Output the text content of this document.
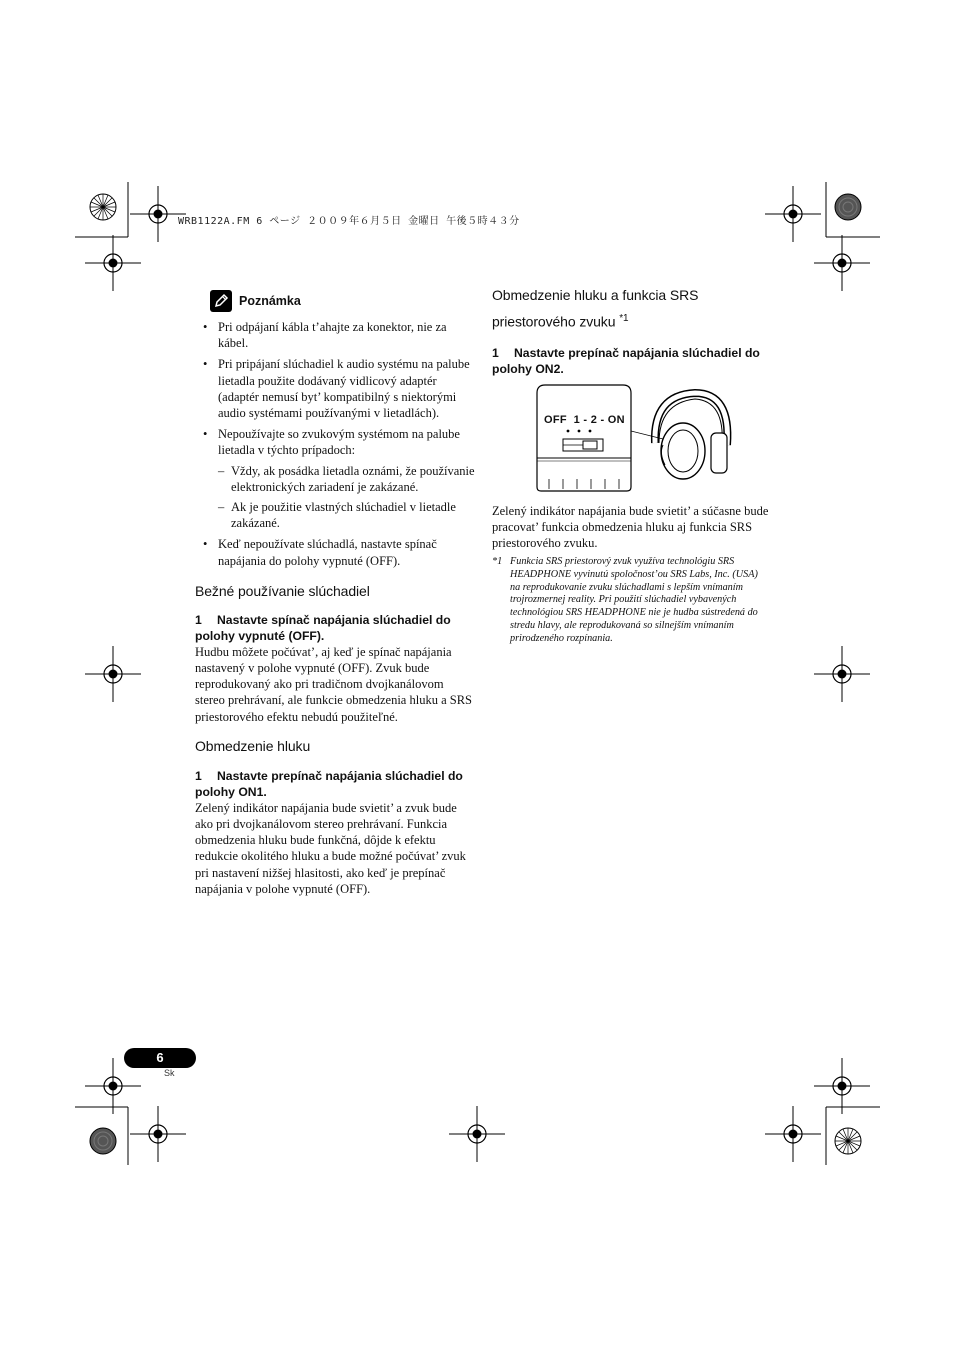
WRB1122A.FM 6 ページ ２００９年６月５日 金曜日 午後５時４３分
Poznámka
• Pri odpájaní kábla t’ahajte za konektor, nie za kábel.
• Pri pripájaní slúchadiel k audio systému na palube lietadla použite dodávaný vidlicový adaptér (adaptér nemusí byt’ kompatibilný s niektorými audio systémami používanými v lietadlách).
• Nepoužívajte so zvukovým systémom na palube lietadla v týchto prípadoch:
– Vždy, ak posádka lietadla oznámi, že používanie elektronických zariadení je zakázané.
– Ak je použitie vlastných slúchadiel v lietadle zakázané.
• Keď nepoužívate slúchadlá, nastavte spínač napájania do polohy vypnuté (OFF).
Bežné používanie slúchadiel
1 Nastavte spínač napájania slúchadiel do polohy vypnuté (OFF).
Hudbu môžete počúvat’, aj keď je spínač napájania nastavený v polohe vypnuté (OFF). Zvuk bude reprodukovaný ako pri tradičnom dvojkanálovom stereo prehrávaní, ale funkcie obmedzenia hluku a SRS priestorového efektu nebudú použiteľné.
Obmedzenie hluku
1 Nastavte prepínač napájania slúchadiel do polohy ON1.
Zelený indikátor napájania bude svietit’ a zvuk bude ako pri dvojkanálovom stereo prehrávaní. Funkcia obmedzenia hluku bude funkčná, dôjde k efektu redukcie okolitého hluku a bude možné počúvat’ zvuk pri nastavení nižšej hlasitosti, ako keď je prepínač napájania v polohe vypnuté (OFF).
Obmedzenie hluku a funkcia SRS priestorového zvuku $^{*1}$
1 Nastavte prepínač napájania slúchadiel do polohy ON2.
OFF  1 - 2 - ON
Zelený indikátor napájania bude svietit’ a súčasne bude pracovat’ funkcia obmedzenia hluku aj funkcia SRS priestorového zvuku.
*1 Funkcia SRS priestorový zvuk využíva technológiu SRS HEADPHONE vyvinutú spoločnost’ou SRS Labs, Inc. (USA) na reprodukovanie zvuku slúchadlami s lepším vnímaním trojrozmernej reality. Pri použití slúchadiel vybavených technológiou SRS HEADPHONE nie je hudba sústredená do stredu hlavy, ale reprodukovaná so silnejším vnímaním prirodzeného rozpínania.
6
Sk
